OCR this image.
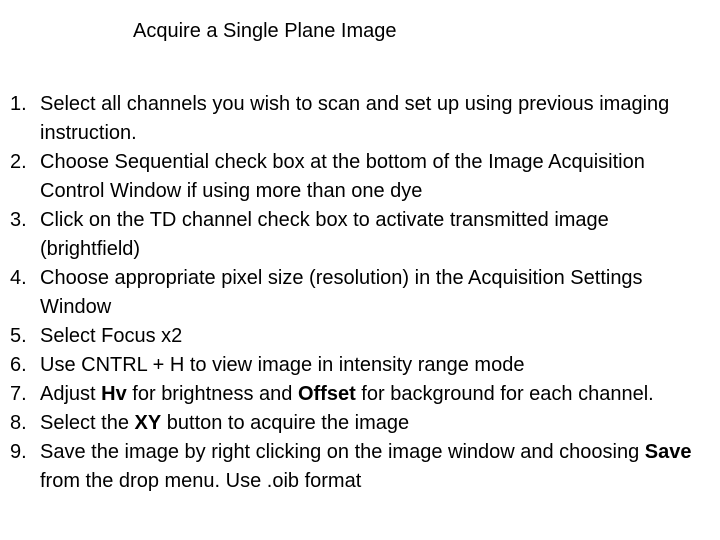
Acquire a Single Plane Image
1. Select all channels you wish to scan and set up using previous imaging instruction.
2. Choose Sequential check box at the bottom of the Image Acquisition Control Window if using more than one dye
3. Click on the TD channel check box to activate transmitted image (brightfield)
4. Choose appropriate pixel size (resolution) in the Acquisition Settings Window
5. Select Focus x2
6. Use CNTRL + H to view image in intensity range mode
7. Adjust Hv for brightness and Offset for background for each channel.
8. Select the XY button to acquire the image
9. Save the image by right clicking on the image window and choosing Save from the drop menu. Use .oib format
